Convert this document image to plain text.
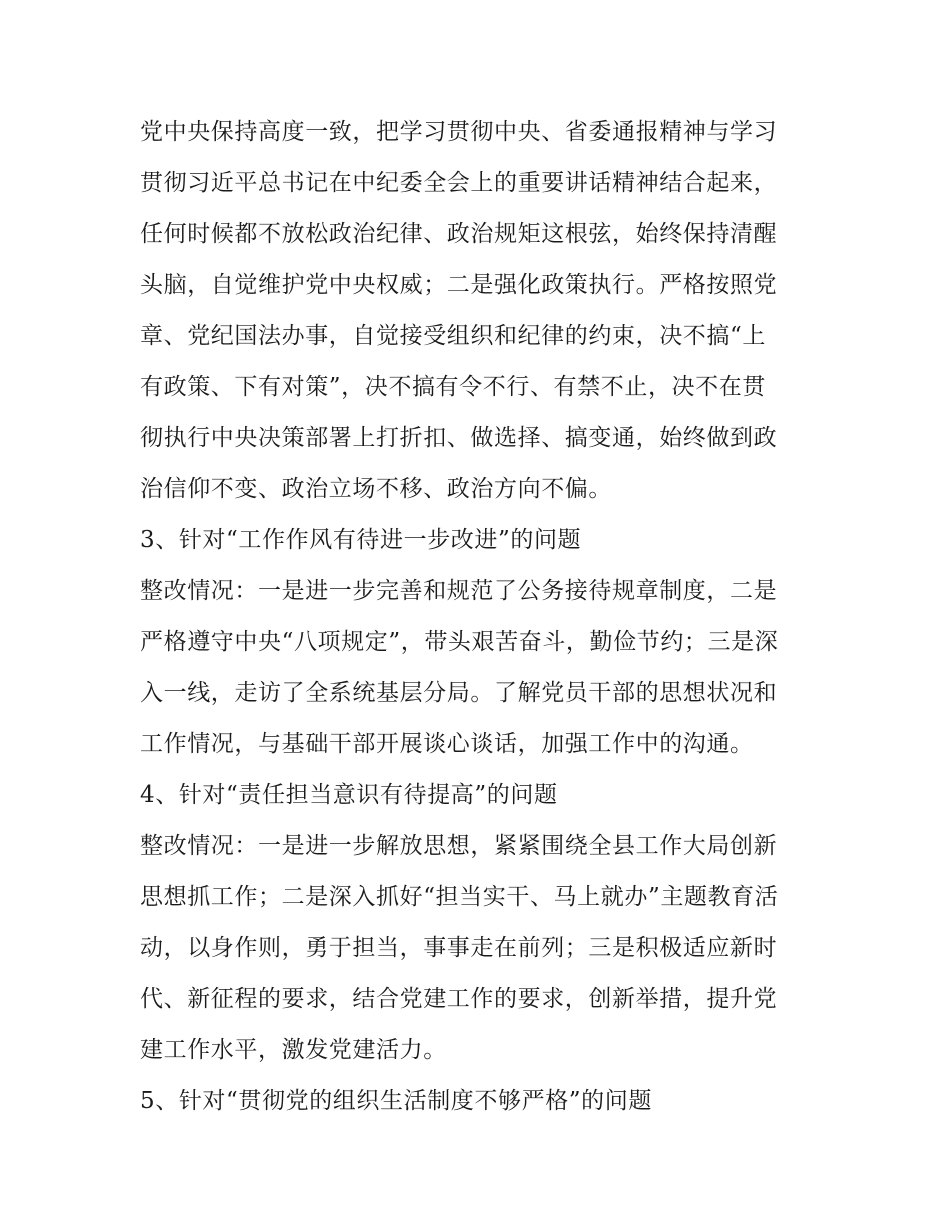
党中央保持高度一致，把学习贯彻中央、省委通报精神与学习

贯彻习近平总书记在中纪委全会上的重要讲话精神结合起来，

任何时候都不放松政治纪律、政治规矩这根弦，始终保持清醒

头脑，自觉维护党中央权威；二是强化政策执行。严格按照党

章、党纪国法办事，自觉接受组织和纪律的约束，决不搞“上

有政策、下有对策”，决不搞有令不行、有禁不止，决不在贯

彻执行中央决策部署上打折扣、做选择、搞变通，始终做到政

治信仰不变、政治立场不移、政治方向不偏。

3、针对“工作作风有待进一步改进”的问题

整改情况：一是进一步完善和规范了公务接待规章制度，二是

严格遵守中央“八项规定”，带头艰苦奋斗，勤俭节约；三是深

入一线，走访了全系统基层分局。了解党员干部的思想状况和

工作情况，与基础干部开展谈心谈话，加强工作中的沟通。

4、针对“责任担当意识有待提高”的问题

整改情况：一是进一步解放思想，紧紧围绕全县工作大局创新

思想抓工作；二是深入抓好“担当实干、马上就办”主题教育活

动，以身作则，勇于担当，事事走在前列；三是积极适应新时

代、新征程的要求，结合党建工作的要求，创新举措，提升党

建工作水平，激发党建活力。

5、针对“贯彻党的组织生活制度不够严格”的问题
